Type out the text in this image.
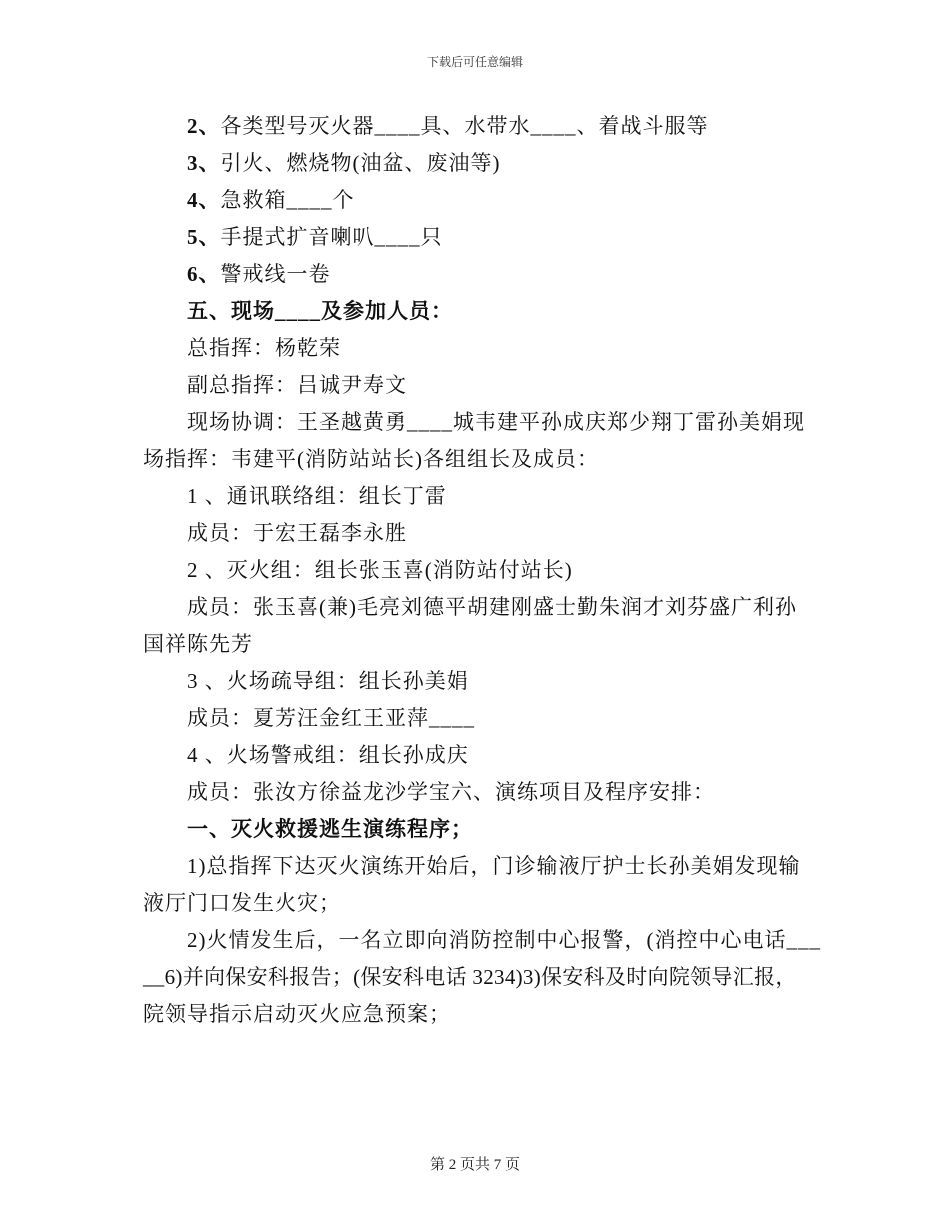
下载后可任意编辑
2、各类型号灭火器____具、水带水____、着战斗服等
3、引火、燃烧物(油盆、废油等)
4、急救箱____个
5、手提式扩音喇叭____只
6、警戒线一卷
五、现场____及参加人员：
总指挥：杨乾荣
副总指挥：吕诚尹寿文
现场协调：王圣越黄勇____城韦建平孙成庆郑少翔丁雷孙美娟现
场指挥：韦建平(消防站站长)各组组长及成员：
1 、通讯联络组：组长丁雷
成员：于宏王磊李永胜
2 、灭火组：组长张玉喜(消防站付站长)
成员：张玉喜(兼)毛亮刘德平胡建刚盛士勤朱润才刘芬盛广利孙
国祥陈先芳
3 、火场疏导组：组长孙美娟
成员：夏芳汪金红王亚萍____
4 、火场警戒组：组长孙成庆
成员：张汝方徐益龙沙学宝六、演练项目及程序安排：
一、灭火救援逃生演练程序；
1)总指挥下达灭火演练开始后，门诊输液厅护士长孙美娟发现输
液厅门口发生火灾；
2)火情发生后，一名立即向消防控制中心报警，(消控中心电话___
__6)并向保安科报告；(保安科电话 3234)3)保安科及时向院领导汇报，
院领导指示启动灭火应急预案；
第 2 页共 7 页
